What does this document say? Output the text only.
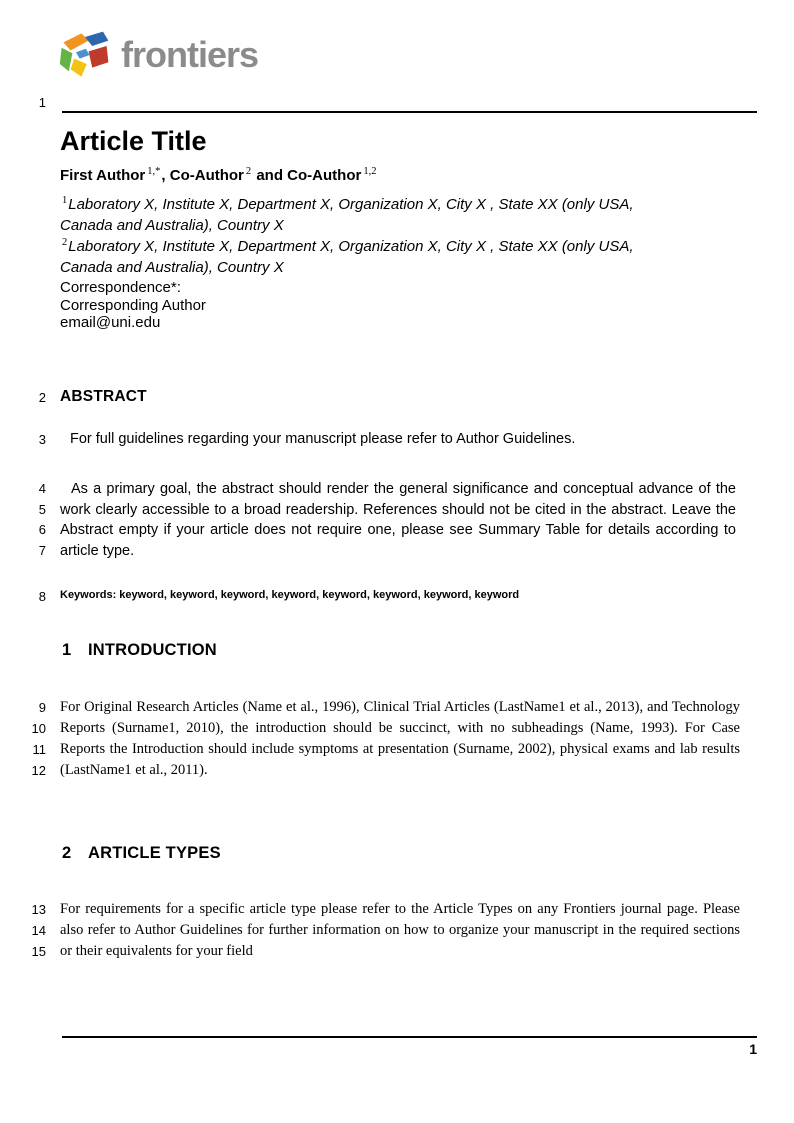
frontiers
1
Article Title

First Author $^{1,*}$, Co-Author $^2$ and Co-Author $^{1,2}$

$^1$Laboratory X, Institute X, Department X, Organization X, City X , State XX (only USA, Canada and Australia), Country X

$^2$Laboratory X, Institute X, Department X, Organization X, City X , State XX (only USA, Canada and Australia), Country X

Correspondence*:
Corresponding Author
email@uni.edu
2 ABSTRACT
3	For full guidelines regarding your manuscript please refer to Author Guidelines.

4
5
6
7

As a primary goal, the abstract should render the general significance and conceptual advance of the work clearly accessible to a broad readership. References should not be cited in the abstract. Leave the Abstract empty if your article does not require one, please see Summary Table for details according to article type.

8 Keywords: keyword, keyword, keyword, keyword, keyword, keyword, keyword, keyword

1 INTRODUCTION
9
10
11
12

For Original Research Articles (Name et al., 1996), Clinical Trial Articles (LastName1 et al., 2013), and Technology Reports (Surname1, 2010), the introduction should be succinct, with no subheadings (Name, 1993). For Case Reports the Introduction should include symptoms at presentation (Surname, 2002), physical exams and lab results (LastName1 et al., 2011).

2 ARTICLE TYPES
13
14
15

For requirements for a specific article type please refer to the Article Types on any Frontiers journal page. Please also refer to Author Guidelines for further information on how to organize your manuscript in the required sections or their equivalents for your field

1
